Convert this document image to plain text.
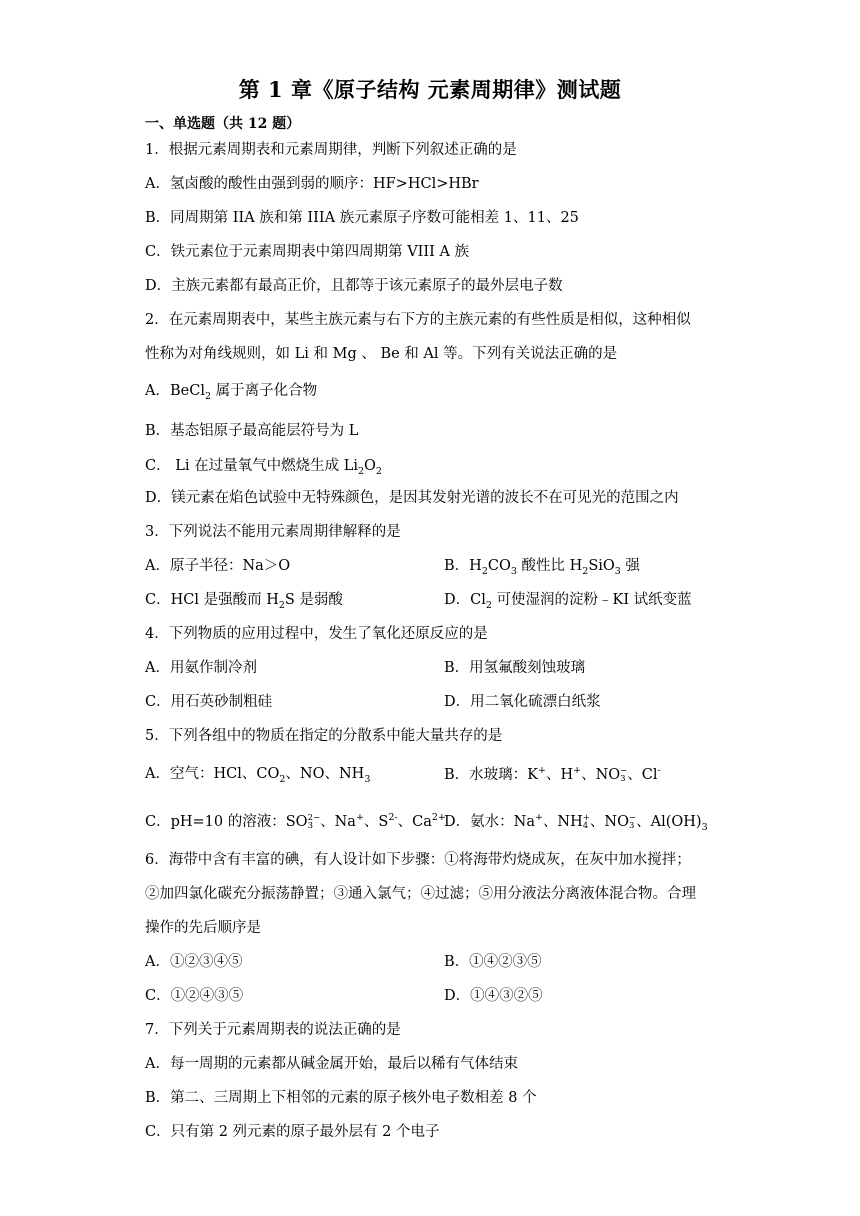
第 1 章《原子结构 元素周期律》测试题
一、单选题（共 12 题）
1．根据元素周期表和元素周期律，判断下列叙述正确的是
A．氢卤酸的酸性由强到弱的顺序：HF>HCl>HBr
B．同周期第 IIA 族和第 IIIA 族元素原子序数可能相差 1、11、25
C．铁元素位于元素周期表中第四周期第 VIII A 族
D．主族元素都有最高正价，且都等于该元素原子的最外层电子数
2．在元素周期表中，某些主族元素与右下方的主族元素的有些性质是相似，这种相似
性称为对角线规则，如 Li 和 Mg 、 Be 和 Al 等。下列有关说法正确的是
A．BeCl$_2$ 属于离子化合物
B．基态铝原子最高能层符号为 L
C． Li 在过量氧气中燃烧生成 $Li_2O_2$
D．镁元素在焰色试验中无特殊颜色，是因其发射光谱的波长不在可见光的范围之内
3．下列说法不能用元素周期律解释的是
A．原子半径：Na＞O	B．$H_2CO_3$ 酸性比 $H_2SiO_3$ 强
C．HCl 是强酸而 $H_2S$ 是弱酸	D．$Cl_2$ 可使湿润的淀粉﹣KI 试纸变蓝
4．下列物质的应用过程中，发生了氧化还原反应的是
A．用氨作制冷剂	B．用氢氟酸刻蚀玻璃
C．用石英砂制粗硅	D．用二氧化硫漂白纸浆
5．下列各组中的物质在指定的分散系中能大量共存的是
A．空气：HCl、$CO_2$、NO、$NH_3$	B．水玻璃：K+、H+、NO −
3 、Cl-
C．pH=10 的溶液：SO 2−
3 、Na+、$S^{2-}$、$Ca^{2+}$
D．氨水：Na+、NH +
4 、NO −
3 、$Al(OH)_3$
6．海带中含有丰富的碘，有人设计如下步骤：①将海带灼烧成灰，在灰中加水搅拌；
②加四氯化碳充分振荡静置；③通入氯气；④过滤；⑤用分液法分离液体混合物。合理
操作的先后顺序是
A．①②③④⑤	B．①④②③⑤
C．①②④③⑤	D．①④③②⑤
7．下列关于元素周期表的说法正确的是
A．每一周期的元素都从碱金属开始，最后以稀有气体结束
B．第二、三周期上下相邻的元素的原子核外电子数相差 8 个
C．只有第 2 列元素的原子最外层有 2 个电子
